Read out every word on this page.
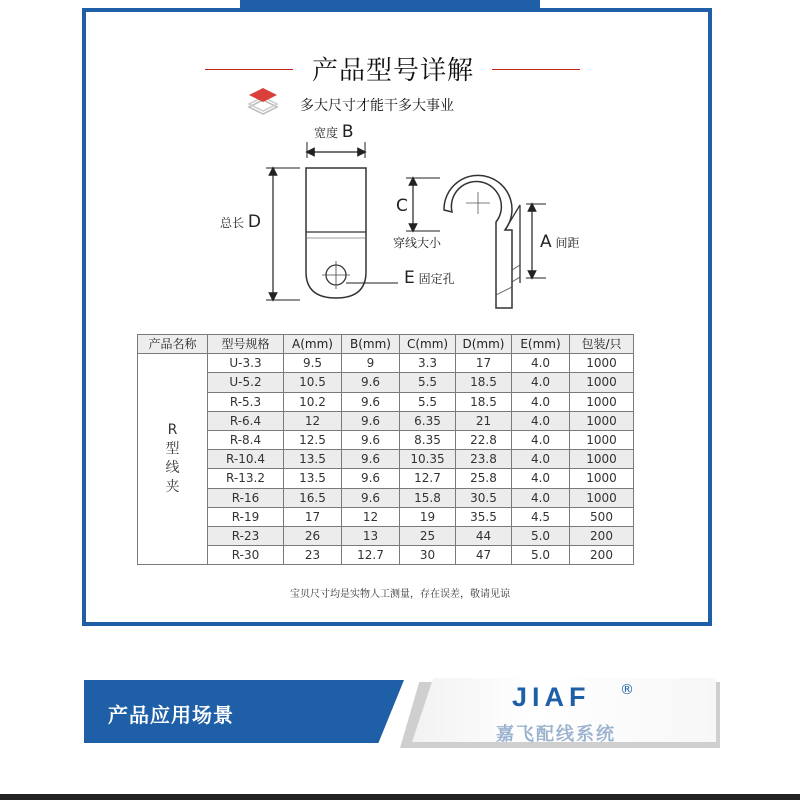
产品型号详解
多大尺寸才能干多大事业
宽度 B
总长 D
E 固定孔
C
穿线大小	A 间距
产品名称	型号规格	A(mm)	B(mm)	C(mm)	D(mm)	E(mm)	包装/只

R
型
线
夹	U-3.3	9.5	9	3.3	17	4.0	1000
	U-5.2	10.5	9.6	5.5	18.5	4.0	1000
	R-5.3	10.2	9.6	5.5	18.5	4.0	1000
	R-6.4	12	9.6	6.35	21	4.0	1000
	R-8.4	12.5	9.6	8.35	22.8	4.0	1000
	R-10.4	13.5	9.6	10.35	23.8	4.0	1000
	R-13.2	13.5	9.6	12.7	25.8	4.0	1000
	R-16	16.5	9.6	15.8	30.5	4.0	1000
	R-19	17	12	19	35.5	4.5	500
	R-23	26	13	25	44	5.0	200
	R-30	23	12.7	30	47	5.0	200
宝贝尺寸均是实物人工测量，存在误差，敬请见谅
产品应用场景
JIAF ®
嘉飞配线系统
